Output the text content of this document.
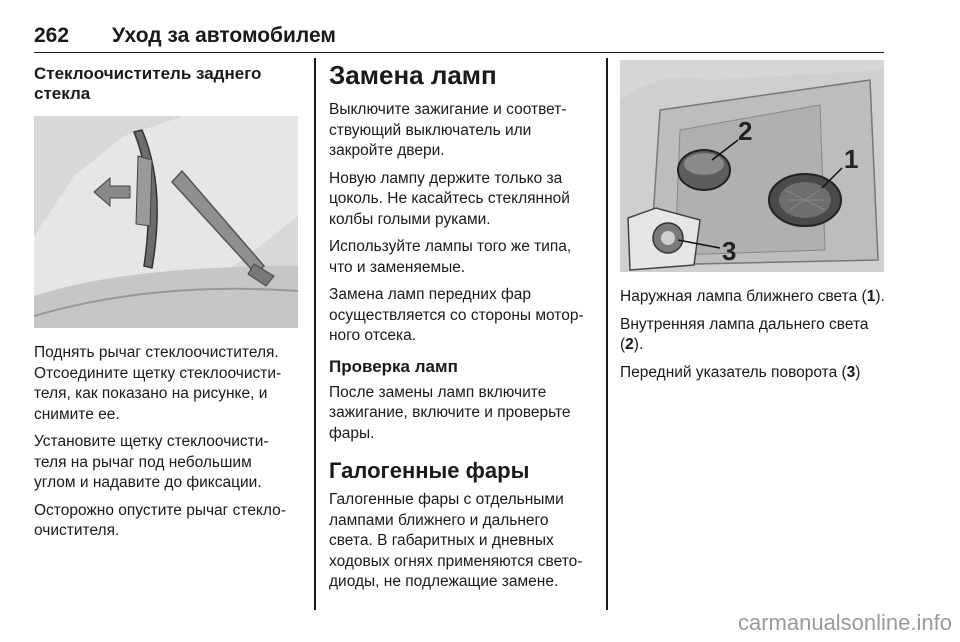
262 Уход за автомобилем
Стеклоочиститель заднего стекла

Поднять рычаг стеклоочистителя.
Отсоедините щетку стеклоочисти-
теля, как показано на рисунке, и
снимите ее.

Установите щетку стеклоочисти-
теля на рычаг под небольшим
углом и надавите до фиксации.

Осторожно опустите рычаг стекло-
очистителя.

Замена ламп

Выключите зажигание и соответ-
ствующий выключатель или
закройте двери.

Новую лампу держите только за
цоколь. Не касайтесь стеклянной
колбы голыми руками.

Используйте лампы того же типа,
что и заменяемые.

Замена ламп передних фар
осуществляется со стороны мотор-
ного отсека.

Проверка ламп

После замены ламп включите
зажигание, включите и проверьте
фары.

Галогенные фары

Галогенные фары с отдельными
лампами ближнего и дальнего
света. В габаритных и дневных
ходовых огнях применяются свето-
диоды, не подлежащие замене.

1
2
3

Наружная лампа ближнего света (1).

Внутренняя лампа дальнего света (2).

Передний указатель поворота (3)

carmanualsonline.info
